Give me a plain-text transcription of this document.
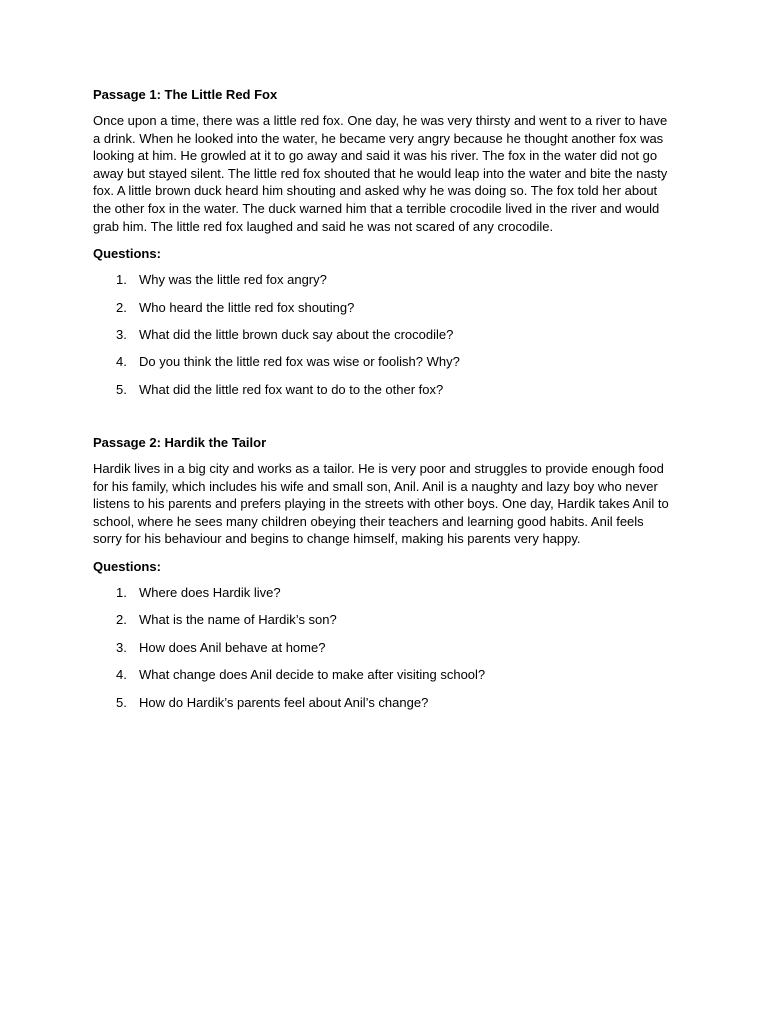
Passage 1: The Little Red Fox

Once upon a time, there was a little red fox. One day, he was very thirsty and went to a river to have a drink. When he looked into the water, he became very angry because he thought another fox was looking at him. He growled at it to go away and said it was his river. The fox in the water did not go away but stayed silent. The little red fox shouted that he would leap into the water and bite the nasty fox. A little brown duck heard him shouting and asked why he was doing so. The fox told her about the other fox in the water. The duck warned him that a terrible crocodile lived in the river and would grab him. The little red fox laughed and said he was not scared of any crocodile.

Questions:

1. Why was the little red fox angry?
2. Who heard the little red fox shouting?
3. What did the little brown duck say about the crocodile?
4. Do you think the little red fox was wise or foolish? Why?
5. What did the little red fox want to do to the other fox?

Passage 2: Hardik the Tailor

Hardik lives in a big city and works as a tailor. He is very poor and struggles to provide enough food for his family, which includes his wife and small son, Anil. Anil is a naughty and lazy boy who never listens to his parents and prefers playing in the streets with other boys. One day, Hardik takes Anil to school, where he sees many children obeying their teachers and learning good habits. Anil feels sorry for his behaviour and begins to change himself, making his parents very happy.

Questions:

1. Where does Hardik live?
2. What is the name of Hardik’s son?
3. How does Anil behave at home?
4. What change does Anil decide to make after visiting school?
5. How do Hardik’s parents feel about Anil’s change?
